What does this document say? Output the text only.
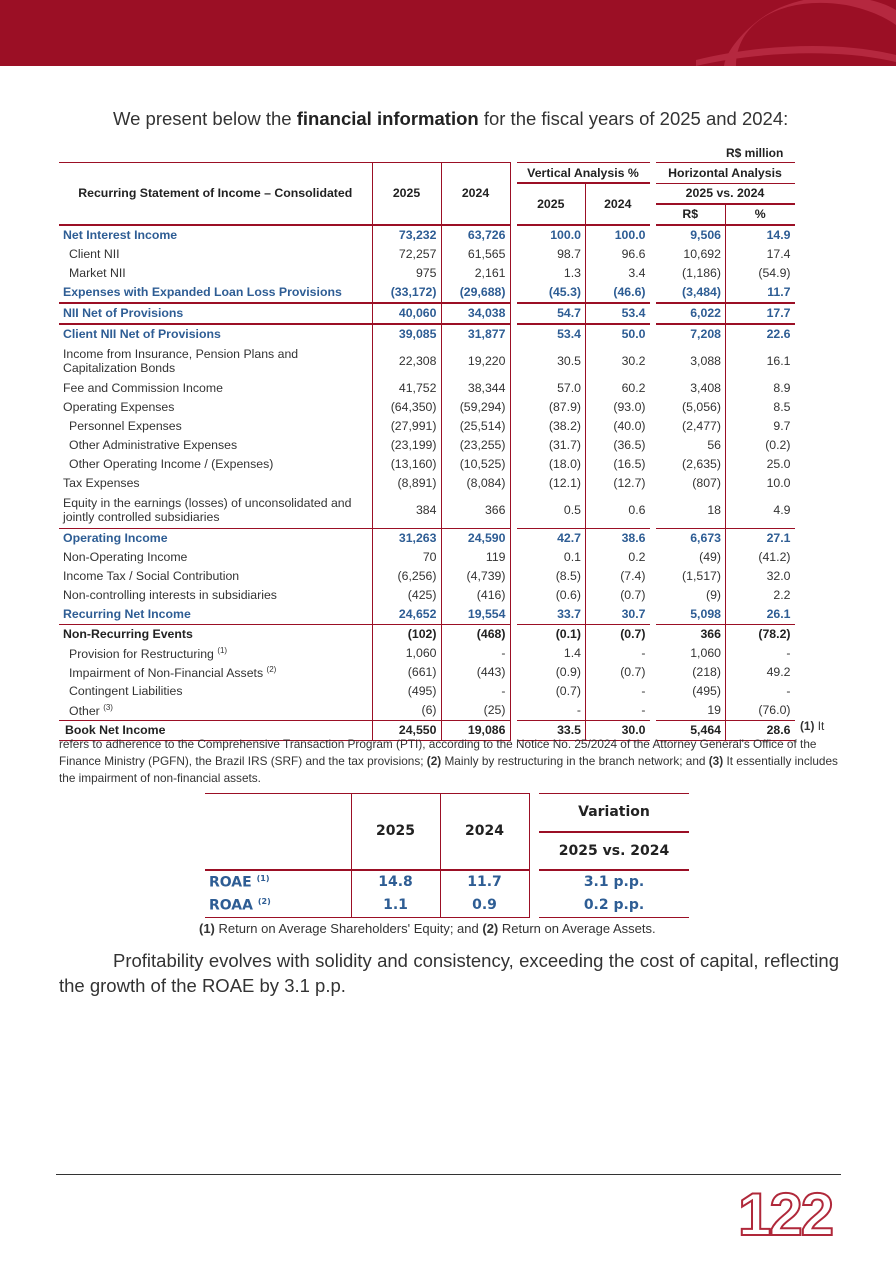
We present below the financial information for the fiscal years of 2025 and 2024:
R$ million
Recurring Statement of Income – Consolidated	2025	2024		Vertical Analysis %			Horizontal Analysis	
				2025	2024		2025 vs. 2024	
							R$	%
Net Interest Income	73,232	63,726		100.0	100.0		9,506	14.9
Client NII	72,257	61,565		98.7	96.6		10,692	17.4
Market NII	975	2,161		1.3	3.4		(1,186)	(54.9)
Expenses with Expanded Loan Loss Provisions	(33,172)	(29,688)		(45.3)	(46.6)		(3,484)	11.7
NII Net of Provisions	40,060	34,038		54.7	53.4		6,022	17.7
Client NII Net of Provisions	39,085	31,877		53.4	50.0		7,208	22.6
Income from Insurance, Pension Plans and Capitalization Bonds	22,308	19,220		30.5	30.2		3,088	16.1
Fee and Commission Income	41,752	38,344		57.0	60.2		3,408	8.9
Operating Expenses	(64,350)	(59,294)		(87.9)	(93.0)		(5,056)	8.5
Personnel Expenses	(27,991)	(25,514)		(38.2)	(40.0)		(2,477)	9.7
Other Administrative Expenses	(23,199)	(23,255)		(31.7)	(36.5)		56	(0.2)
Other Operating Income / (Expenses)	(13,160)	(10,525)		(18.0)	(16.5)		(2,635)	25.0
Tax Expenses	(8,891)	(8,084)		(12.1)	(12.7)		(807)	10.0
Equity in the earnings (losses) of unconsolidated and jointly controlled subsidiaries	384	366		0.5	0.6		18	4.9
Operating Income	31,263	24,590		42.7	38.6		6,673	27.1
Non-Operating Income	70	119		0.1	0.2		(49)	(41.2)
Income Tax / Social Contribution	(6,256)	(4,739)		(8.5)	(7.4)		(1,517)	32.0
Non-controlling interests in subsidiaries	(425)	(416)		(0.6)	(0.7)		(9)	2.2
Recurring Net Income	24,652	19,554		33.7	30.7		5,098	26.1
Non-Recurring Events	(102)	(468)		(0.1)	(0.7)		366	(78.2)
Provision for Restructuring $^{(1)}$	1,060	-		1.4	-		1,060	-
Impairment of Non-Financial Assets $^{(2)}$	(661)	(443)		(0.9)	(0.7)		(218)	49.2
Contingent Liabilities	(495)	-		(0.7)	-		(495)	-
Other $^{(3)}$	(6)	(25)		-	-		19	(76.0)
Book Net Income	24,550	19,086		33.5	30.0		5,464	28.6 (1) It
refers to adherence to the Comprehensive Transaction Program (PTI), according to the Notice No. 25/2024 of the Attorney General's Office of the Finance Ministry (PGFN), the Brazil IRS (SRF) and the tax provisions; (2) Mainly by restructuring in the branch network; and (3) It essentially includes the impairment of non-financial assets.
	2025	2024		Variation
				2025 vs. 2024
ROAE $^{(1)}$	14.8	11.7		3.1 p.p.
ROAA $^{(2)}$	1.1	0.9		0.2 p.p.
(1) Return on Average Shareholders' Equity; and (2) Return on Average Assets.
Profitability evolves with solidity and consistency, exceeding the cost of capital, reflecting the growth of the ROAE by 3.1 p.p.
122
